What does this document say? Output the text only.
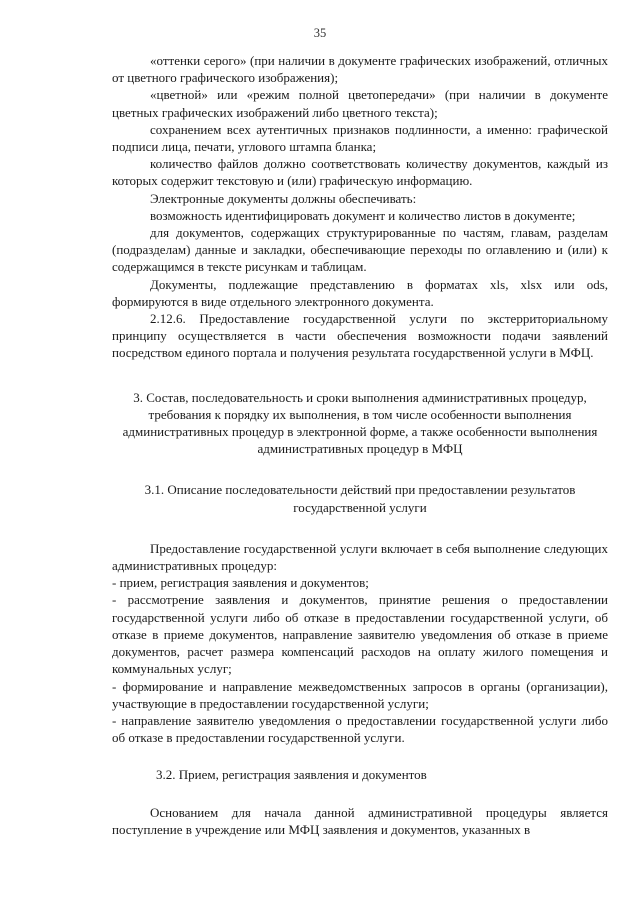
35

«оттенки серого» (при наличии в документе графических изображений, отличных от цветного графического изображения);

«цветной» или «режим полной цветопередачи» (при наличии в документе цветных графических изображений либо цветного текста);

сохранением всех аутентичных признаков подлинности, а именно: графической подписи лица, печати, углового штампа бланка;

количество файлов должно соответствовать количеству документов, каждый из которых содержит текстовую и (или) графическую информацию.

Электронные документы должны обеспечивать:

возможность идентифицировать документ и количество листов в документе;

для документов, содержащих структурированные по частям, главам, разделам (подразделам) данные и закладки, обеспечивающие переходы по оглавлению и (или) к содержащимся в тексте рисункам и таблицам.

Документы, подлежащие представлению в форматах xls, xlsx или ods, формируются в виде отдельного электронного документа.

2.12.6. Предоставление государственной услуги по экстерриториальному принципу осуществляется в части обеспечения возможности подачи заявлений посредством единого портала и получения результата государственной услуги в МФЦ.

3. Состав, последовательность и сроки выполнения административных процедур, требования к порядку их выполнения, в том числе особенности выполнения административных процедур в электронной форме, а также особенности выполнения административных процедур в МФЦ

3.1. Описание последовательности действий при предоставлении результатов государственной услуги

Предоставление государственной услуги включает в себя выполнение следующих административных процедур:

- прием, регистрация заявления и документов;

- рассмотрение заявления и документов, принятие решения о предоставлении государственной услуги либо об отказе в предоставлении государственной услуги, об отказе в приеме документов, направление заявителю уведомления об отказе в приеме документов, расчет размера компенсаций расходов на оплату жилого помещения и коммунальных услуг;

- формирование и направление межведомственных запросов в органы (организации), участвующие в предоставлении государственной услуги;

- направление заявителю уведомления о предоставлении государственной услуги либо об отказе в предоставлении государственной услуги.

3.2. Прием, регистрация заявления и документов

Основанием для начала данной административной процедуры является поступление в учреждение или МФЦ заявления и документов, указанных в
